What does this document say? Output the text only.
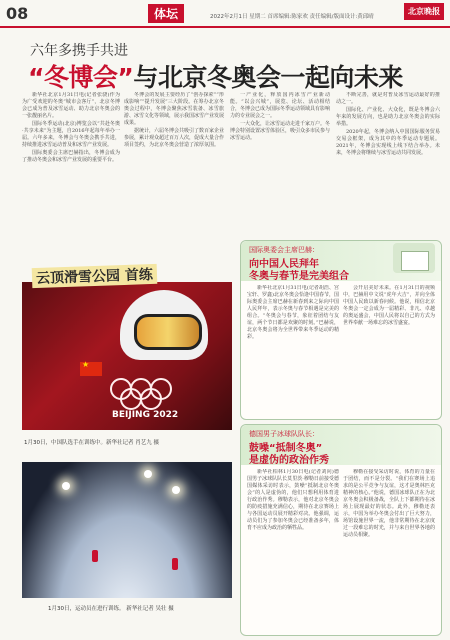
08	体坛	2022年2月1日 星期二 首席编辑:陈家欢 责任编辑/版面设计:黄邱晴
北京晚报
六年多携手共进
“冬博会”与北京冬奥会一起向未来

新华社北京1月31日电(记者张骁)作为为广受欢迎的冬奥“城市会客厅”，北京冬博会已成为普及冰雪运动、助力北京冬奥会的一张靓丽名片。

国际冬季运动(北京)博览会以“共赴冬奥·共享未来”为主题，自2016年起每年举办一届。六年多来，冬博会与冬奥会携手共进，持续推进冰雪运动普及和冰雪产业发展。

国际奥委会主席巴赫指出，冬博会成为了推动冬奥会和冰雪产业发展的重要平台。

冬博会的发展主要经历了“创办探索”“形成影响”“提升发展”三大阶段。在筹办北京冬奥会过程中，冬博会聚焦冰雪装备、冰雪旅游、冰雪文化等领域，展示我国冰雪产业发展成果。

据统计，六届冬博会共吸引了数百家企业参展，累计观众超过百万人次，促成大量合作项目签约，为北京冬奥会营造了浓厚氛围。

一产业化，释放国内冰雪产业新动能。“以会兴城”，展览、论坛、活动相结合，冬博会已成为国际冬季运动领域具有影响力的专业展会之一。

一大众化，让冰雪运动走进千家万户。冬博会特别设置冰雪体验区，吸引众多市民参与冰雪运动。

不断完善，就是对普及冰雪运动最好的推动之一。

国际化、产业化、大众化，既是冬博会六年来的发展方向，也是助力北京冬奥会的实际举措。

2020年起，冬博会纳入中国国际服务贸易交易会框架，成为其中的冬季运动专题展。2021年，冬博会实现线上线下结合举办。未来，冬博会将继续与冰雪运动共同发展。

★
BEIJING 2022
云顶滑雪公园 首练
1月30日，中国队选手在训练中。新华社记者 肖艺九 摄
1月30日，运动员在进行训练。 新华社记者 吴壮 摄
国际奥委会主席巴赫：
向中国人民拜年
冬奥与春节是完美组合

新华社北京1月31日电(记者胡浩、宫宝轩、罗鑫)北京冬奥会恰逢中国春节，国际奥委会主席巴赫在新春到来之际向中国人民拜年，表示冬奥与春节相遇是完美的组合。“冬奥会与春节，象征着团结与友谊，两个节日都是欢聚的时刻。”巴赫说，北京冬奥会将为全世界带来冬季运动的精彩。

会开启美好未来。在1月31日的视频中，巴赫用中文说“虎年大吉”，并向全体中国人民致以新春问候。他说，相信北京冬奥会一定会成为一届精彩、非凡、卓越的奥运盛会，中国人民将以自己的方式为世界奉献一场难忘的冰雪盛宴。

德国男子冰球队队长：
鼓噪“抵制冬奥”
是虚伪的政治作秀

新华社柏林1月30日电(记者刘向)德国男子冰球队队长莫里茨·穆勒日前接受德国媒体采访时表示，鼓噪“抵制北京冬奥会”的人是虚伪的，他们只想利用体育进行政治作秀。穆勒表示，他对北京冬奥会的防疫措施充满信心，期待在北京赛场上与各国运动员展开精彩对决。他强调，运动员们为了参加冬奥会已经准备多年，体育不应成为政治的牺牲品。

穆勒在接受采访时说，体育的力量在于团结，而不是分裂。“我们在赛场上追求的是公平竞争与友谊，这才是奥林匹克精神的核心。”他说，德国冰球队正在为北京冬奥会积极备战，全队上下都期待在冰场上展现最好的状态。此外，穆勒还表示，中国为举办冬奥会付出了巨大努力，场馆设施世界一流，他非常期待在北京度过一段难忘的时光，并与来自世界各地的运动员相聚。
